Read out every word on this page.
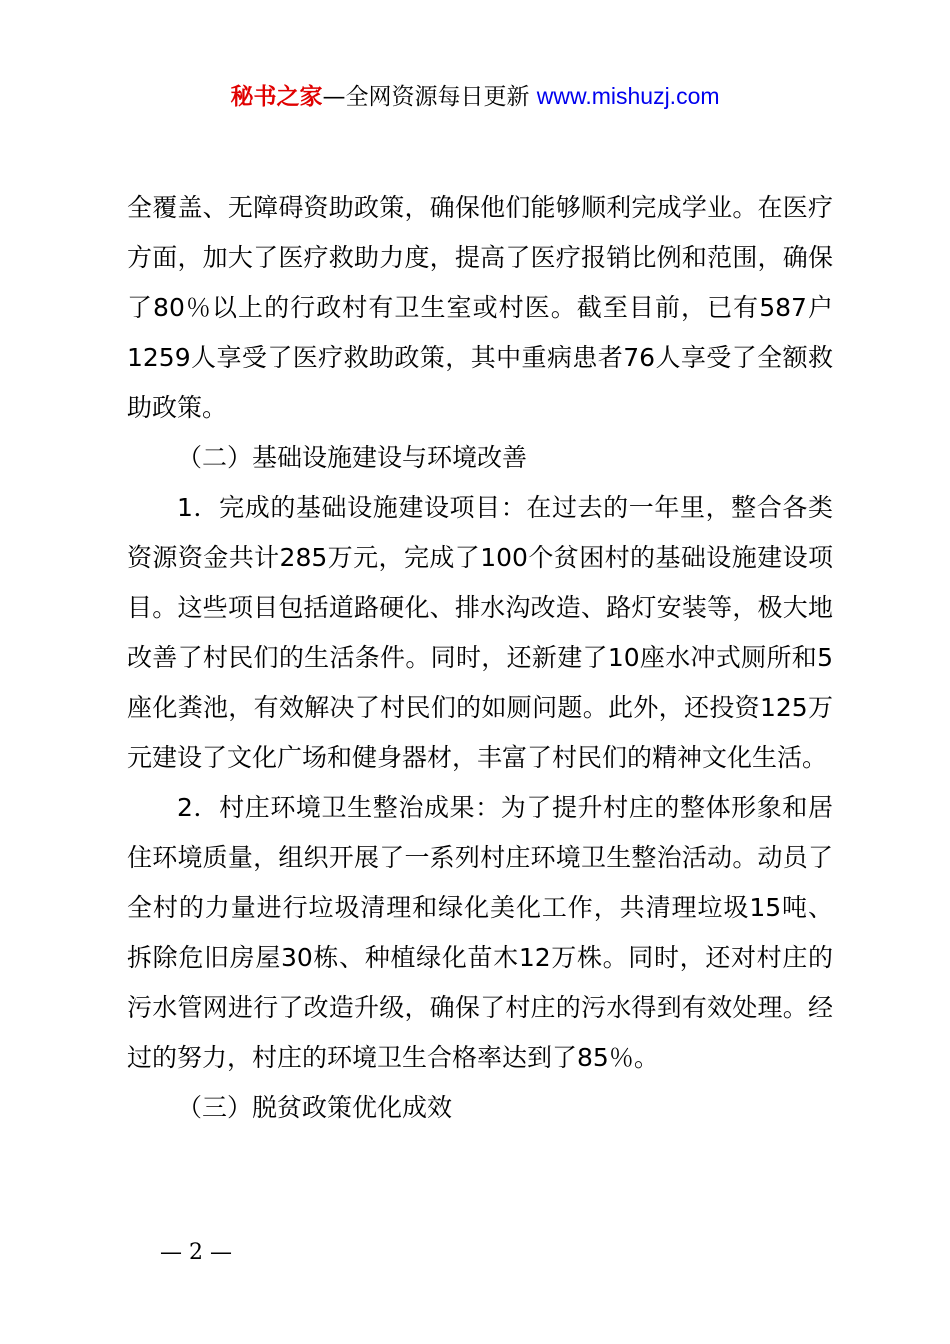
秘书之家—全网资源每日更新 www.mishuzj.com

全覆盖、无障碍资助政策，确保他们能够顺利完成学业。在医疗方面，加大了医疗救助力度，提高了医疗报销比例和范围，确保了80％以上的行政村有卫生室或村医。截至目前，已有587户1259人享受了医疗救助政策，其中重病患者76人享受了全额救助政策。

（二）基础设施建设与环境改善

1．完成的基础设施建设项目：在过去的一年里，整合各类资源资金共计285万元，完成了100个贫困村的基础设施建设项目。这些项目包括道路硬化、排水沟改造、路灯安装等，极大地改善了村民们的生活条件。同时，还新建了10座水冲式厕所和5座化粪池，有效解决了村民们的如厕问题。此外，还投资125万元建设了文化广场和健身器材，丰富了村民们的精神文化生活。

2．村庄环境卫生整治成果：为了提升村庄的整体形象和居住环境质量，组织开展了一系列村庄环境卫生整治活动。动员了全村的力量进行垃圾清理和绿化美化工作，共清理垃圾15吨、拆除危旧房屋30栋、种植绿化苗木12万株。同时，还对村庄的污水管网进行了改造升级，确保了村庄的污水得到有效处理。经过的努力，村庄的环境卫生合格率达到了85％。

（三）脱贫政策优化成效

— 2 —
